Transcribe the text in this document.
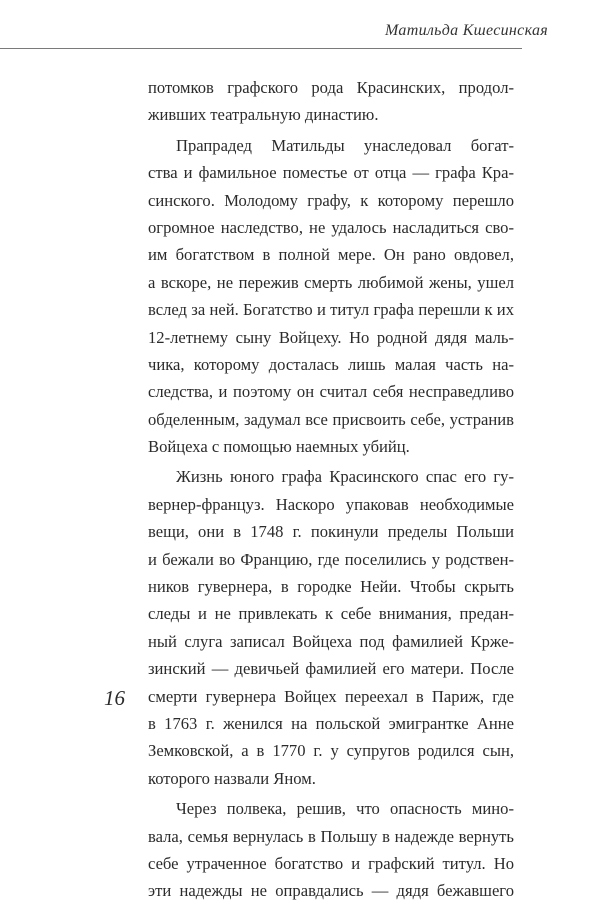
Матильда Кшесинская
потомков графского рода Красинских, продол-
живших театральную династию.
Прапрадед Матильды унаследовал богат-
ства и фамильное поместье от отца — графа Кра-
синского. Молодому графу, к которому перешло
огромное наследство, не удалось насладиться сво-
им богатством в полной мере. Он рано овдовел,
а вскоре, не пережив смерть любимой жены, ушел
вслед за ней. Богатство и титул графа перешли к их
12-летнему сыну Войцеху. Но родной дядя маль-
чика, которому досталась лишь малая часть на-
следства, и поэтому он считал себя несправедливо
обделенным, задумал все присвоить себе, устранив
Войцеха с помощью наемных убийц.
Жизнь юного графа Красинского спас его гу-
вернер-француз. Наскоро упаковав необходимые
вещи, они в 1748 г. покинули пределы Польши
и бежали во Францию, где поселились у родствен-
ников гувернера, в городке Нейи. Чтобы скрыть
следы и не привлекать к себе внимания, предан-
ный слуга записал Войцеха под фамилией Крже-
зинский — девичьей фамилией его матери. После
смерти гувернера Войцех переехал в Париж, где
в 1763 г. женился на польской эмигрантке Анне
Земковской, а в 1770 г. у супругов родился сын,
которого назвали Яном.
Через полвека, решив, что опасность мино-
вала, семья вернулась в Польшу в надежде вернуть
себе утраченное богатство и графский титул. Но
эти надежды не оправдались — дядя бежавшего
16
